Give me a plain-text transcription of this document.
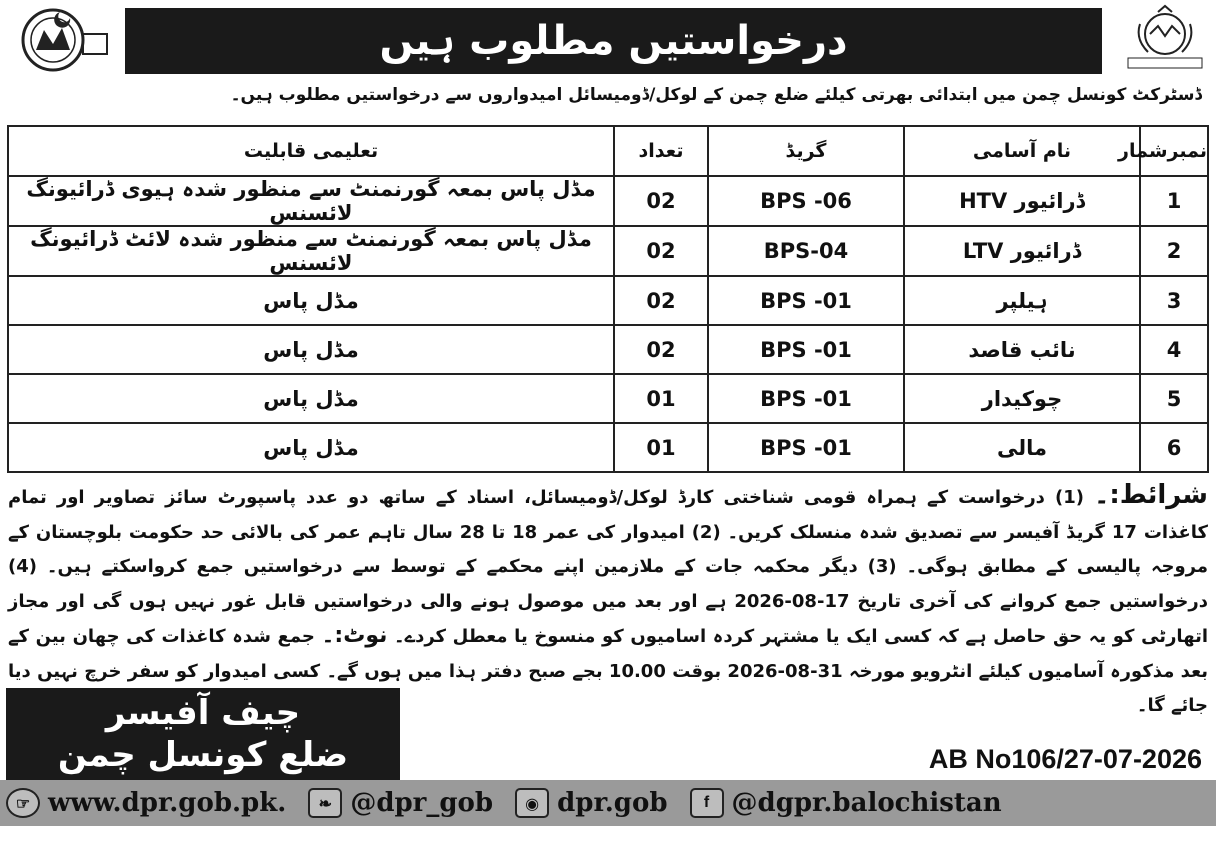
درخواستیں مطلوب ہیں
ڈسٹرکٹ کونسل چمن میں ابتدائی بھرتی کیلئے ضلع چمن کے لوکل/ڈومیسائل امیدواروں سے درخواستیں مطلوب ہیں۔
تعلیمی قابلیت	تعداد	گریڈ	نام آسامی	نمبرشمار
مڈل پاس بمعہ گورنمنٹ سے منظور شدہ ہیوی ڈرائیونگ لائسنس	02	BPS -06	ڈرائیور HTV	1
مڈل پاس بمعہ گورنمنٹ سے منظور شدہ لائٹ ڈرائیونگ لائسنس	02	BPS-04	ڈرائیور LTV	2
مڈل پاس	02	BPS -01	ہیلپر	3
مڈل پاس	02	BPS -01	نائب قاصد	4
مڈل پاس	01	BPS -01	چوکیدار	5
مڈل پاس	01	BPS -01	مالی	6
شرائط:۔ (1) درخواست کے ہمراہ قومی شناختی کارڈ لوکل/ڈومیسائل، اسناد کے ساتھ دو عدد پاسپورٹ سائز تصاویر اور تمام کاغذات 17 گریڈ آفیسر سے تصدیق شدہ منسلک کریں۔ (2) امیدوار کی عمر 18 تا 28 سال تاہم عمر کی بالائی حد حکومت بلوچستان کے مروجہ پالیسی کے مطابق ہوگی۔ (3) دیگر محکمہ جات کے ملازمین اپنے محکمے کے توسط سے درخواستیں جمع کرواسکتے ہیں۔ (4) درخواستیں جمع کروانے کی آخری تاریخ 17-08-2026 ہے اور بعد میں موصول ہونے والی درخواستیں قابل غور نہیں ہوں گی اور مجاز اتھارٹی کو یہ حق حاصل ہے کہ کسی ایک یا مشتہر کردہ اسامیوں کو منسوخ یا معطل کردے۔ نوٹ:۔ جمع شدہ کاغذات کی چھان بین کے بعد مذکورہ آسامیوں کیلئے انٹرویو مورخہ 31-08-2026 بوقت 10.00 بجے صبح دفتر ہذا میں ہوں گے۔ کسی امیدوار کو سفر خرچ نہیں دیا جائے گا۔
چیف آفیسر
ضلع کونسل چمن	AB No106/27-07-2026
☞ www.dpr.gob.pk.	❧ @dpr_gob	◉ dpr.gob	f @dgpr.balochistan
